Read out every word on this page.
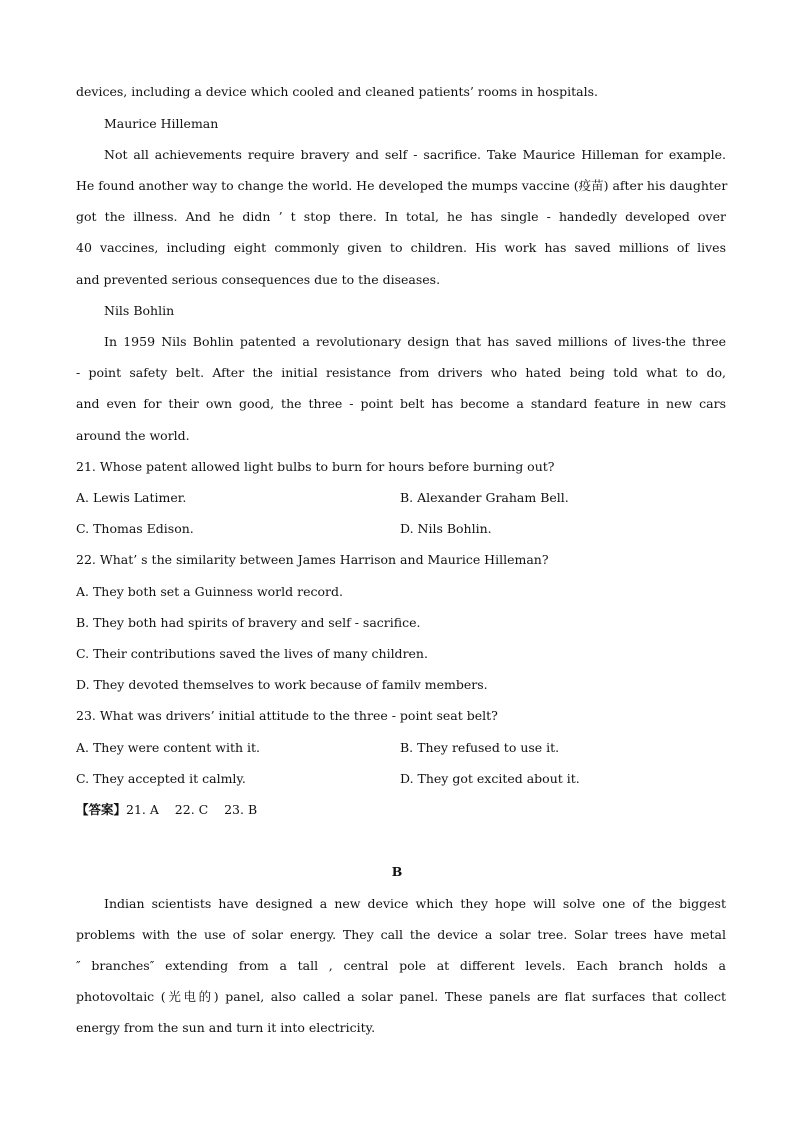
devices, including a device which cooled and cleaned patients’ rooms in hospitals.
Maurice Hilleman
Not all achievements require bravery and self - sacrifice. Take Maurice Hilleman for example.
He found another way to change the world. He developed the mumps vaccine (疫苗) after his daughter
got the illness. And he didn ’ t stop there. In total, he has single - handedly developed over
40 vaccines, including eight commonly given to children. His work has saved millions of lives
and prevented serious consequences due to the diseases.
Nils Bohlin
In 1959 Nils Bohlin patented a revolutionary design that has saved millions of lives-the three
- point safety belt. After the initial resistance from drivers who hated being told what to do,
and even for their own good, the three - point belt has become a standard feature in new cars
around the world.
21. Whose patent allowed light bulbs to burn for hours before burning out?
A. Lewis Latimer.	B. Alexander Graham Bell.
C. Thomas Edison.	D. Nils Bohlin.
22. What’ s the similarity between James Harrison and Maurice Hilleman?
A. They both set a Guinness world record.
B. They both had spirits of bravery and self - sacrifice.
C. Their contributions saved the lives of many children.
D. They devoted themselves to work because of familv members.
23. What was drivers’ initial attitude to the three - point seat belt?
A. They were content with it.	B. They refused to use it.
C. They accepted it calmly.	D. They got excited about it.
【答案】21. A    22. C    23. B
B
Indian scientists have designed a new device which they hope will solve one of the biggest
problems with the use of solar energy. They call the device a solar tree. Solar trees have metal
″ branches″ extending from a tall , central pole at different levels. Each branch holds a
photovoltaic (光电的) panel, also called a solar panel. These panels are flat surfaces that collect
energy from the sun and turn it into electricity.
